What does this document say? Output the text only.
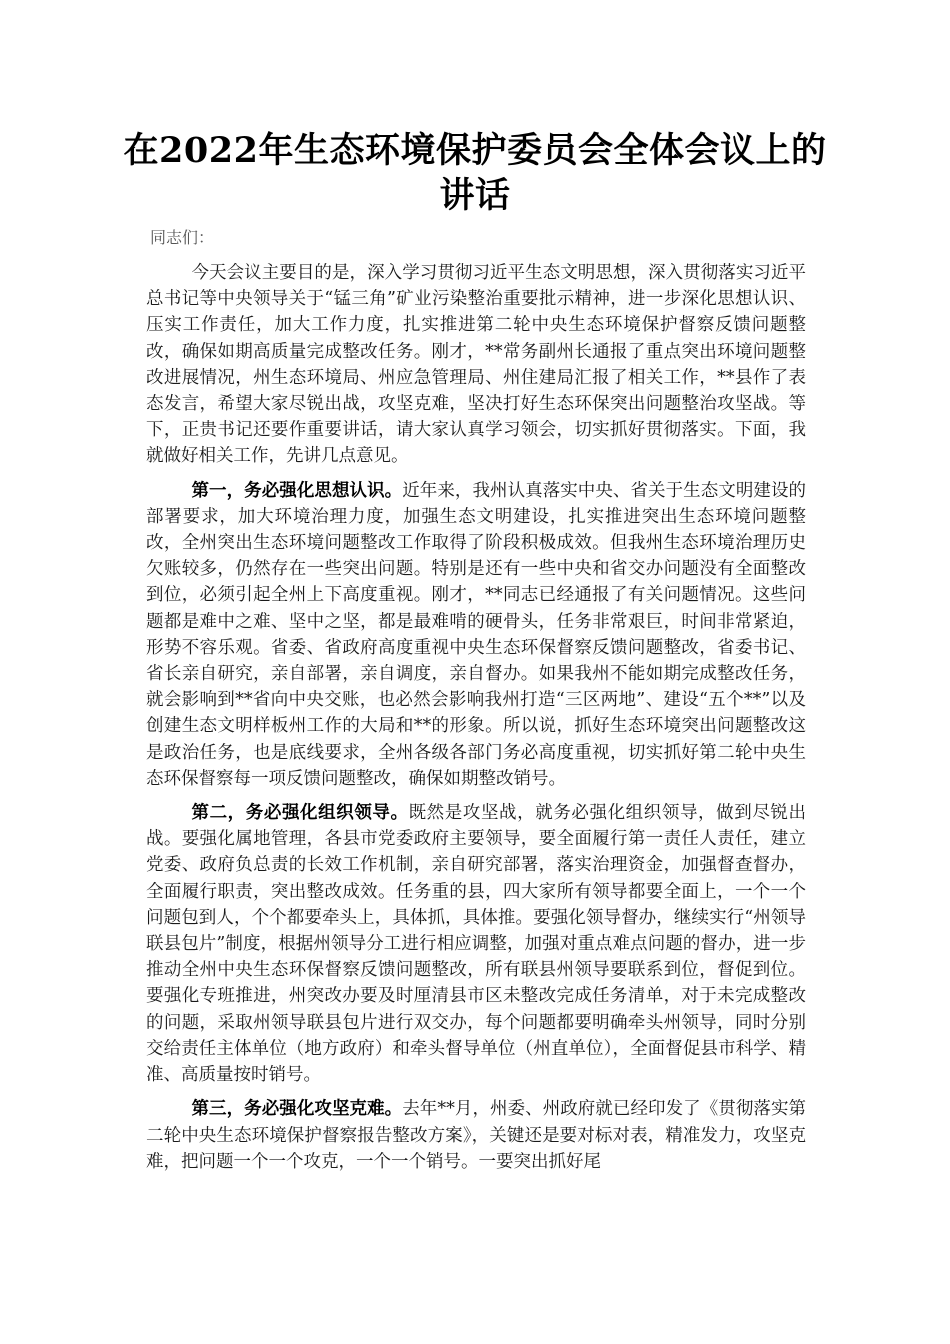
在2022年生态环境保护委员会全体会议上的讲话
同志们：

今天会议主要目的是，深入学习贯彻习近平生态文明思想，深入贯彻落实习近平总书记等中央领导关于“锰三角”矿业污染整治重要批示精神，进一步深化思想认识、压实工作责任，加大工作力度，扎实推进第二轮中央生态环境保护督察反馈问题整改，确保如期高质量完成整改任务。刚才，**常务副州长通报了重点突出环境问题整改进展情况，州生态环境局、州应急管理局、州住建局汇报了相关工作，**县作了表态发言，希望大家尽锐出战，攻坚克难，坚决打好生态环保突出问题整治攻坚战。等下，正贵书记还要作重要讲话，请大家认真学习领会，切实抓好贯彻落实。下面，我就做好相关工作，先讲几点意见。

第一，务必强化思想认识。近年来，我州认真落实中央、省关于生态文明建设的部署要求，加大环境治理力度，加强生态文明建设，扎实推进突出生态环境问题整改，全州突出生态环境问题整改工作取得了阶段积极成效。但我州生态环境治理历史欠账较多，仍然存在一些突出问题。特别是还有一些中央和省交办问题没有全面整改到位，必须引起全州上下高度重视。刚才，**同志已经通报了有关问题情况。这些问题都是难中之难、坚中之坚，都是最难啃的硬骨头，任务非常艰巨，时间非常紧迫，形势不容乐观。省委、省政府高度重视中央生态环保督察反馈问题整改，省委书记、省长亲自研究，亲自部署，亲自调度，亲自督办。如果我州不能如期完成整改任务，就会影响到**省向中央交账，也必然会影响我州打造“三区两地”、建设“五个**”以及创建生态文明样板州工作的大局和**的形象。所以说，抓好生态环境突出问题整改这是政治任务，也是底线要求，全州各级各部门务必高度重视，切实抓好第二轮中央生态环保督察每一项反馈问题整改，确保如期整改销号。

第二，务必强化组织领导。既然是攻坚战，就务必强化组织领导，做到尽锐出战。要强化属地管理，各县市党委政府主要领导，要全面履行第一责任人责任，建立党委、政府负总责的长效工作机制，亲自研究部署，落实治理资金，加强督查督办，全面履行职责，突出整改成效。任务重的县，四大家所有领导都要全面上，一个一个问题包到人，个个都要牵头上，具体抓，具体推。要强化领导督办，继续实行“州领导联县包片”制度，根据州领导分工进行相应调整，加强对重点难点问题的督办，进一步推动全州中央生态环保督察反馈问题整改，所有联县州领导要联系到位，督促到位。要强化专班推进，州突改办要及时厘清县市区未整改完成任务清单，对于未完成整改的问题，采取州领导联县包片进行双交办，每个问题都要明确牵头州领导，同时分别交给责任主体单位（地方政府）和牵头督导单位（州直单位），全面督促县市科学、精准、高质量按时销号。

第三，务必强化攻坚克难。去年**月，州委、州政府就已经印发了《贯彻落实第二轮中央生态环境保护督察报告整改方案》，关键还是要对标对表，精准发力，攻坚克难，把问题一个一个攻克，一个一个销号。一要突出抓好尾
